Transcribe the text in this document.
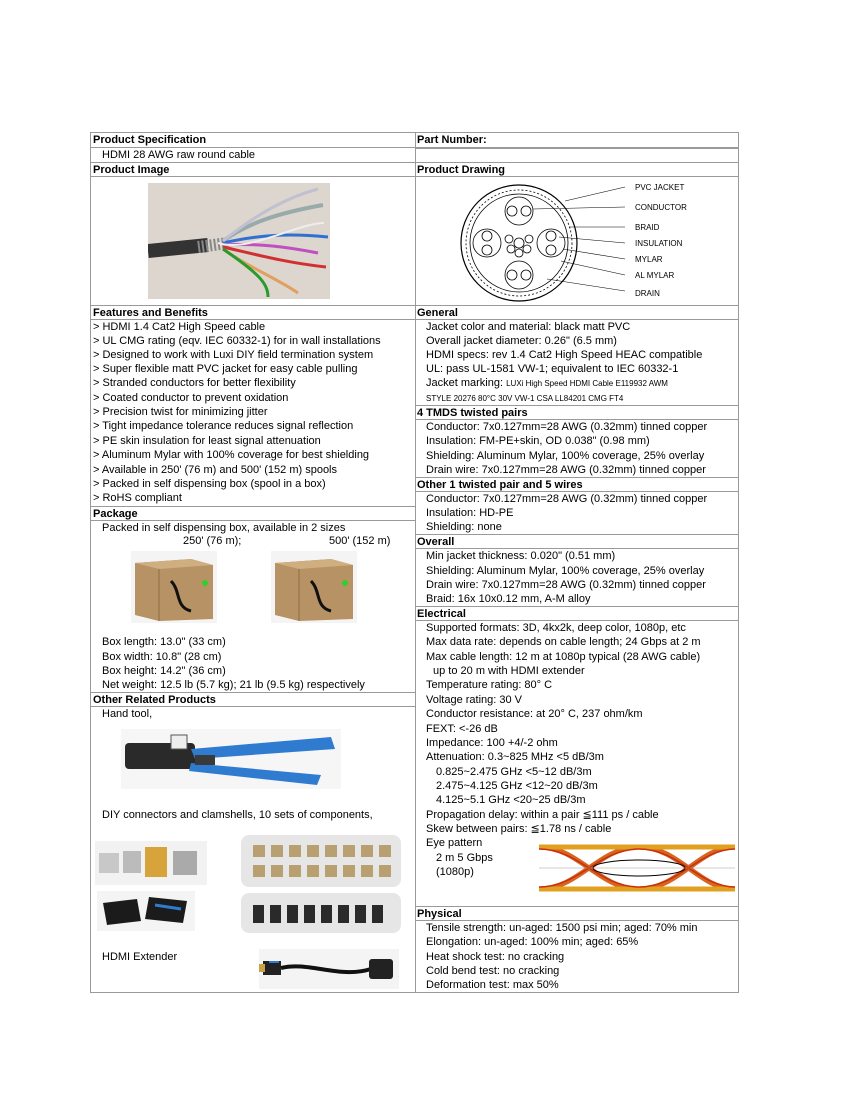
Product Specification
HDMI 28 AWG raw round cable
Product Image
Features and Benefits
> HDMI 1.4 Cat2 High Speed cable
> UL CMG rating (eqv. IEC 60332-1) for in wall installations
> Designed to work with Luxi DIY field termination system
> Super flexible matt PVC jacket for easy cable pulling
> Stranded conductors for better flexibility
> Coated conductor to prevent oxidation
> Precision twist for minimizing jitter
> Tight impedance tolerance reduces signal reflection
> PE skin insulation for least signal attenuation
> Aluminum Mylar with 100% coverage for best shielding
> Available in 250' (76 m) and 500' (152 m) spools
> Packed in self dispensing box (spool in a box)
> RoHS compliant
Package
Packed in self dispensing box, available in 2 sizes
250' (76 m);	500' (152 m)
Box length: 13.0" (33 cm)
Box width: 10.8" (28 cm)
Box height: 14.2" (36 cm)
Net weight: 12.5 lb (5.7 kg); 21 lb (9.5 kg) respectively
Other Related Products
Hand tool,
DIY connectors and clamshells, 10 sets of components,
HDMI Extender
Part Number:
Product Drawing
PVC JACKET
CONDUCTOR
BRAID
INSULATION
MYLAR
AL MYLAR
DRAIN
General
Jacket color and material: black matt PVC
Overall jacket diameter: 0.26" (6.5 mm)
HDMI specs: rev 1.4 Cat2 High Speed HEAC compatible
UL: pass UL-1581 VW-1; equivalent to IEC 60332-1
Jacket marking: LUXi High Speed HDMI Cable E119932 AWM
STYLE 20276 80°C 30V VW-1 CSA LL84201 CMG FT4
4 TMDS twisted pairs
Conductor: 7x0.127mm=28 AWG (0.32mm) tinned copper
Insulation: FM-PE+skin, OD 0.038" (0.98 mm)
Shielding: Aluminum Mylar, 100% coverage, 25% overlay
Drain wire: 7x0.127mm=28 AWG (0.32mm) tinned copper
Other 1 twisted pair and 5 wires
Conductor: 7x0.127mm=28 AWG (0.32mm) tinned copper
Insulation: HD-PE
Shielding: none
Overall
Min jacket thickness: 0.020" (0.51 mm)
Shielding: Aluminum Mylar, 100% coverage, 25% overlay
Drain wire: 7x0.127mm=28 AWG (0.32mm) tinned copper
Braid: 16x 10x0.12 mm, A-M alloy
Electrical
Supported formats: 3D, 4kx2k, deep color, 1080p, etc
Max data rate: depends on cable length; 24 Gbps at 2 m
Max cable length: 12 m at 1080p typical (28 AWG cable)
up to 20 m with HDMI extender
Temperature rating: 80° C
Voltage rating: 30 V
Conductor resistance: at 20° C, 237 ohm/km
FEXT: <-26 dB
Impedance: 100 +4/-2 ohm
Attenuation: 0.3~825 MHz <5 dB/3m
0.825~2.475 GHz <5~12 dB/3m
2.475~4.125 GHz <12~20 dB/3m
4.125~5.1 GHz <20~25 dB/3m
Propagation delay: within a pair ≦111 ps / cable
Skew between pairs: ≦1.78 ns / cable
Eye pattern
2 m 5 Gbps
(1080p)
Physical
Tensile strength: un-aged: 1500 psi min; aged: 70% min
Elongation: un-aged: 100% min; aged: 65%
Heat shock test: no cracking
Cold bend test: no cracking
Deformation test: max 50%
